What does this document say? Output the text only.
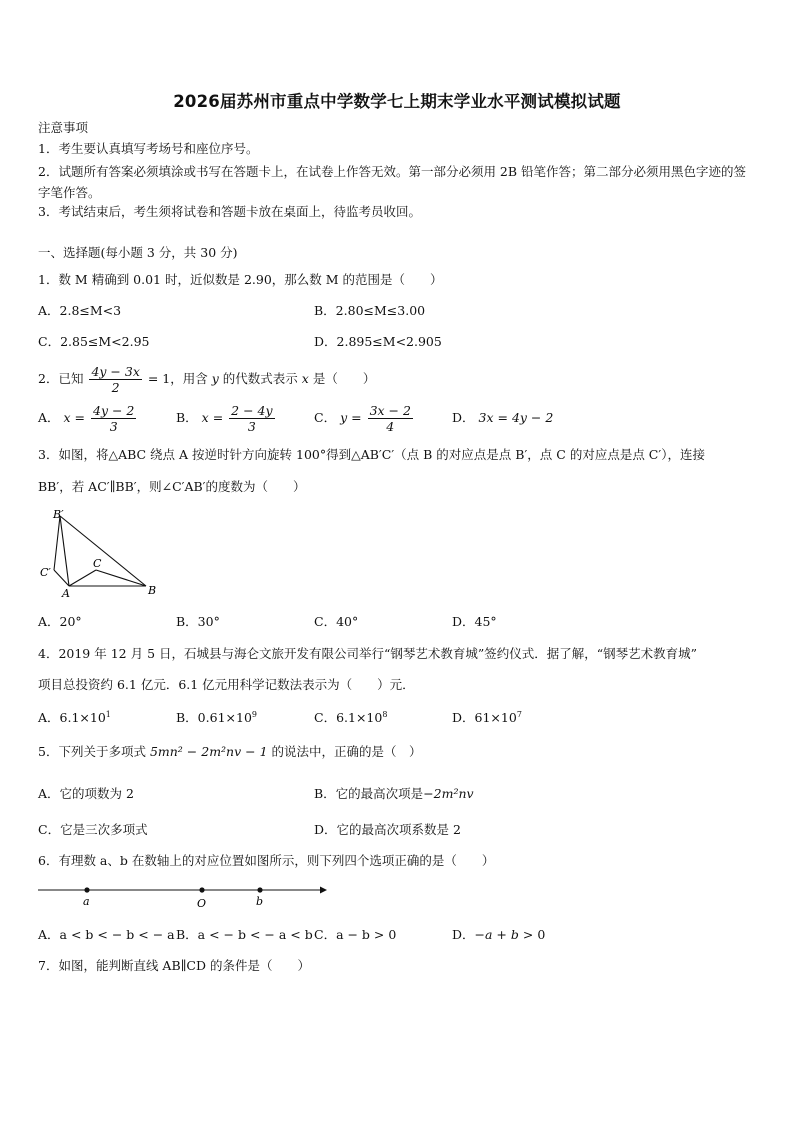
2026届苏州市重点中学数学七上期末学业水平测试模拟试题
注意事项
1．考生要认真填写考场号和座位序号。
2．试题所有答案必须填涂或书写在答题卡上，在试卷上作答无效。第一部分必须用 2B 铅笔作答；第二部分必须用黑色字迹的签字笔作答。
3．考试结束后，考生须将试卷和答题卡放在桌面上，待监考员收回。
一、选择题(每小题 3 分，共 30 分)
1．数 M 精确到 0.01 时，近似数是 2.90，那么数 M 的范围是（　　）
A．2.8≤M<3	B．2.80≤M≤3.00
C．2.85≤M<2.95	D．2.895≤M<2.905
2．已知 $\frac{4y - 3x}{2} = 1$，用含 y 的代数式表示 x 是（　　）
A． $x = \frac{4y - 2}{3}$	B． $x = \frac{2 - 4y}{3}$	C． $y = \frac{3x - 2}{4}$	D． 3x = 4y − 2
3．如图，将△ABC 绕点 A 按逆时针方向旋转 100°得到△AB′C′（点 B 的对应点是点 B′，点 C 的对应点是点 C′），连接
BB′，若 AC′∥BB′，则∠C′AB′的度数为（　　）
B′
C′
C
A	B
A．20°	B．30°	C．40°	D．45°
4．2019 年 12 月 5 日，石城县与海仑文旅开发有限公司举行“钢琴艺术教育城”签约仪式．据了解，“钢琴艺术教育城”
项目总投资约 6.1 亿元．6.1 亿元用科学记数法表示为（　　）元．
A．$6.1\times 10^1$	B．$0.61\times 10^9$	C．$6.1\times 10^8$	D．$61\times 10^7$
5．下列关于多项式 5mn² − 2m²nv − 1 的说法中，正确的是（　）
A．它的项数为 2	B．它的最高次项是−2m²nv
C．它是三次多项式	D．它的最高次项系数是 2
6．有理数 a、b 在数轴上的对应位置如图所示，则下列四个选项正确的是（　　）
a	O	b
A．a < b < − b < − a B．a < − b < − a < b C．a − b > 0	D．−a + b > 0
7．如图，能判断直线 AB∥CD 的条件是（　　）
